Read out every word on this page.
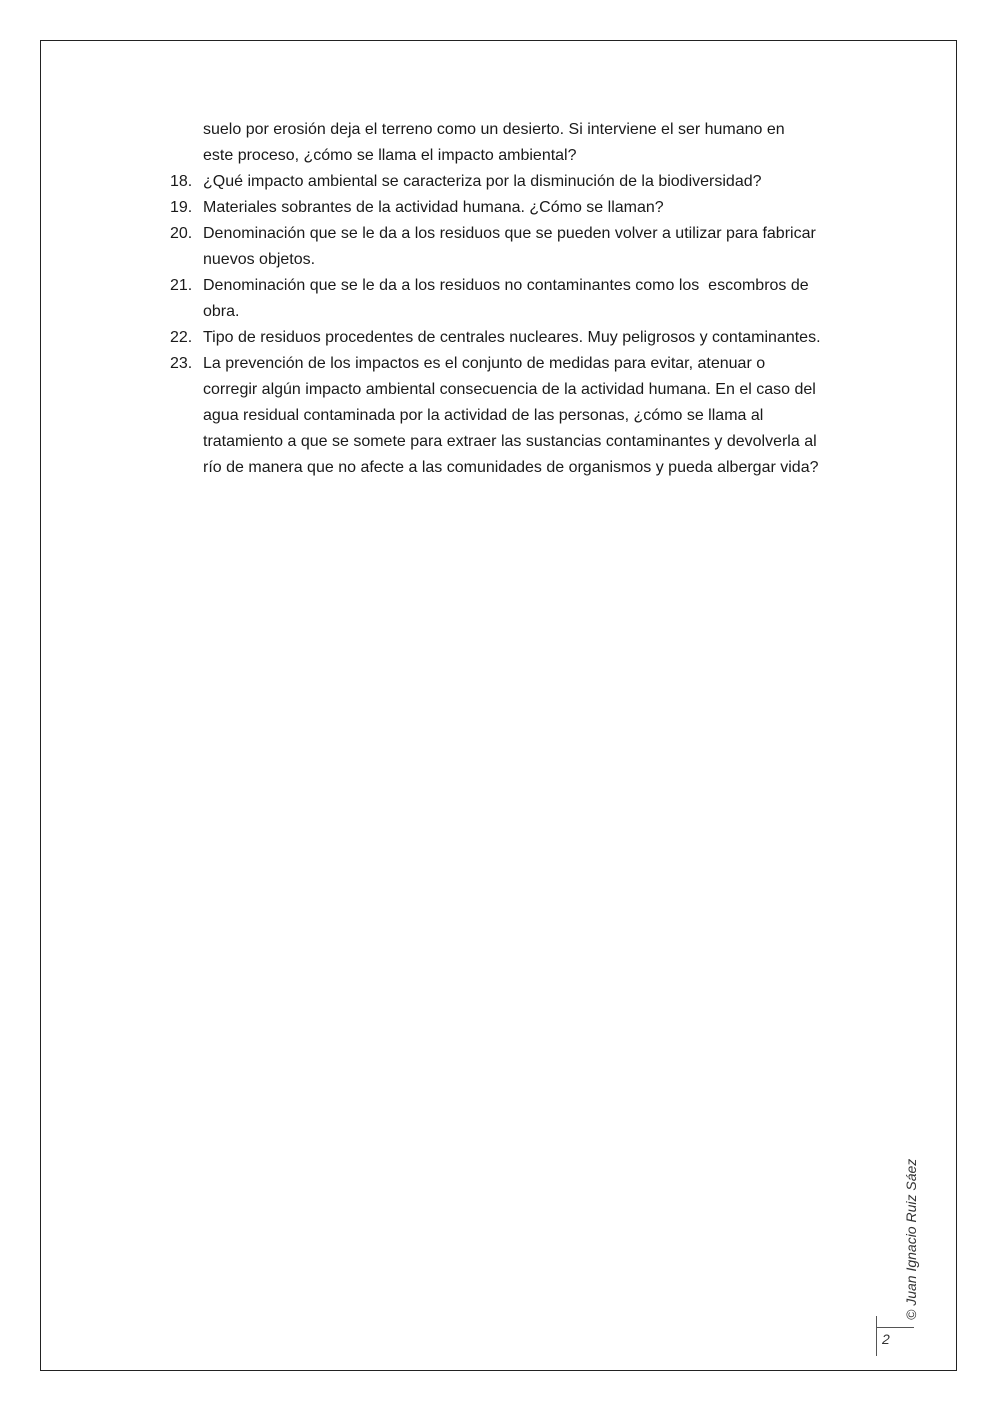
suelo por erosión deja el terreno como un desierto. Si interviene el ser humano en
este proceso, ¿cómo se llama el impacto ambiental?
18. ¿Qué impacto ambiental se caracteriza por la disminución de la biodiversidad?
19. Materiales sobrantes de la actividad humana. ¿Cómo se llaman?
20. Denominación que se le da a los residuos que se pueden volver a utilizar para fabricar
nuevos objetos.
21. Denominación que se le da a los residuos no contaminantes como los  escombros de
obra.
22. Tipo de residuos procedentes de centrales nucleares. Muy peligrosos y contaminantes.
23. La prevención de los impactos es el conjunto de medidas para evitar, atenuar o
corregir algún impacto ambiental consecuencia de la actividad humana. En el caso del
agua residual contaminada por la actividad de las personas, ¿cómo se llama al
tratamiento a que se somete para extraer las sustancias contaminantes y devolverla al
río de manera que no afecte a las comunidades de organismos y pueda albergar vida?
© Juan Ignacio Ruiz Sáez
2
